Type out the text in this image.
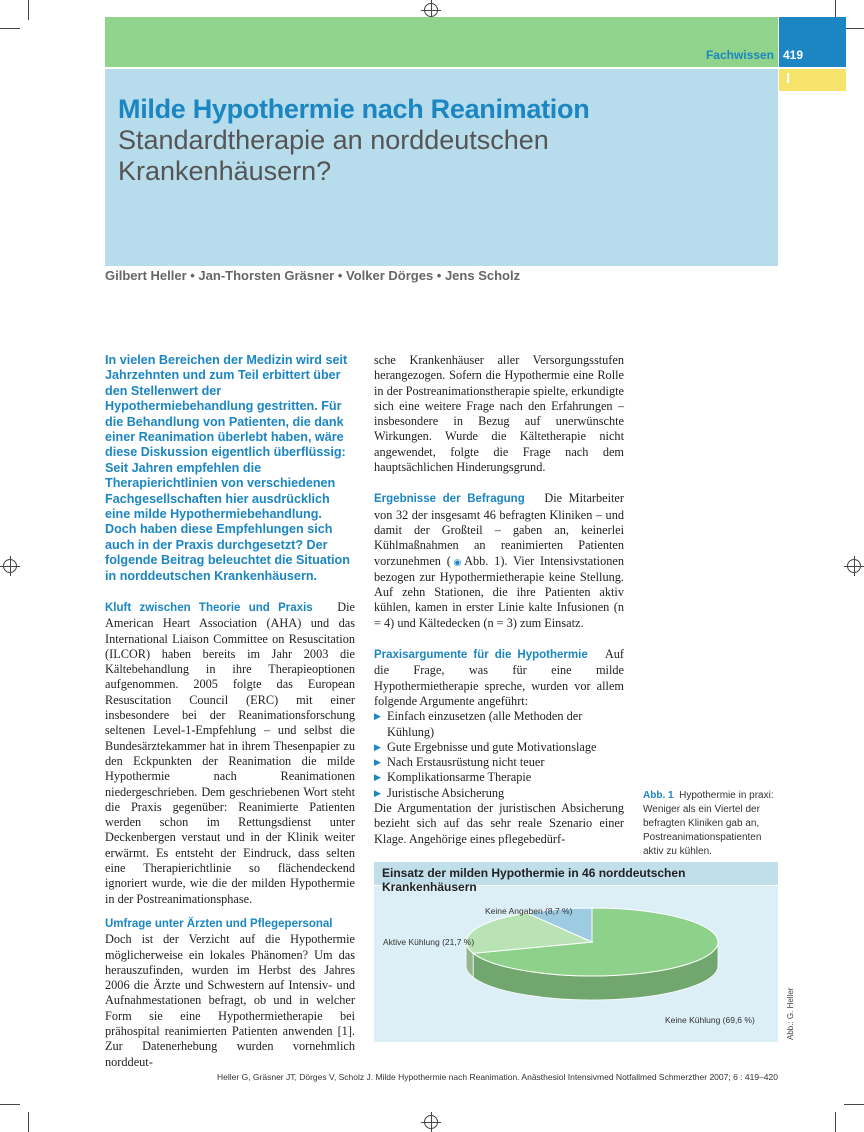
Fachwissen 419
I
Milde Hypothermie nach Reanimation
Standardtherapie an norddeutschen Krankenhäusern?
Gilbert Heller • Jan-Thorsten Gräsner • Volker Dörges • Jens Scholz
In vielen Bereichen der Medizin wird seit Jahrzehnten und zum Teil erbittert über den Stellenwert der Hypothermiebehandlung gestritten. Für die Behandlung von Patienten, die dank einer Reanimation überlebt haben, wäre diese Diskussion eigentlich überflüssig: Seit Jahren empfehlen die Therapierichtlinien von verschiedenen Fachgesellschaften hier ausdrücklich eine milde Hypothermiebehandlung. Doch haben diese Empfehlungen sich auch in der Praxis durchgesetzt? Der folgende Beitrag beleuchtet die Situation in norddeutschen Krankenhäusern.

Kluft zwischen Theorie und Praxis Die American Heart Association (AHA) und das International Liaison Committee on Resuscitation (ILCOR) haben bereits im Jahr 2003 die Kältebehandlung in ihre Therapieoptionen aufgenommen. 2005 folgte das European Resuscitation Council (ERC) mit einer insbesondere bei der Reanimationsforschung seltenen Level-1-Empfehlung – und selbst die Bundesärztekammer hat in ihrem Thesenpapier zu den Eckpunkten der Reanimation die milde Hypothermie nach Reanimationen niedergeschrieben. Dem geschriebenen Wort steht die Praxis gegenüber: Reanimierte Patienten werden schon im Rettungsdienst unter Deckenbergen verstaut und in der Klinik weiter erwärmt. Es entsteht der Eindruck, dass selten eine Therapierichtlinie so flächendeckend ignoriert wurde, wie die der milden Hypothermie in der Postreanimationsphase.

Umfrage unter Ärzten und Pflegepersonal
Doch ist der Verzicht auf die Hypothermie möglicherweise ein lokales Phänomen? Um das herauszufinden, wurden im Herbst des Jahres 2006 die Ärzte und Schwestern auf Intensiv- und Aufnahmestationen befragt, ob und in welcher Form sie eine Hypothermietherapie bei prähospital reanimierten Patienten anwenden [1]. Zur Datenerhebung wurden vornehmlich norddeut-

sche Krankenhäuser aller Versorgungsstufen herangezogen. Sofern die Hypothermie eine Rolle in der Postreanimationstherapie spielte, erkundigte sich eine weitere Frage nach den Erfahrungen – insbesondere in Bezug auf unerwünschte Wirkungen. Wurde die Kältetherapie nicht angewendet, folgte die Frage nach dem hauptsächlichen Hinderungsgrund.

Ergebnisse der Befragung Die Mitarbeiter von 32 der insgesamt 46 befragten Kliniken – und damit der Großteil – gaben an, keinerlei Kühlmaßnahmen an reanimierten Patienten vorzunehmen (◉Abb. 1). Vier Intensivstationen bezogen zur Hypothermietherapie keine Stellung. Auf zehn Stationen, die ihre Patienten aktiv kühlen, kamen in erster Linie kalte Infusionen (n = 4) und Kältedecken (n = 3) zum Einsatz.

Praxisargumente für die Hypothermie Auf die Frage, was für eine milde Hypothermietherapie spreche, wurden vor allem folgende Argumente angeführt:

▶ Einfach einzusetzen (alle Methoden der Kühlung)
▶ Gute Ergebnisse und gute Motivationslage
▶ Nach Erstausrüstung nicht teuer
▶ Komplikationsarme Therapie
▶ Juristische Absicherung

Die Argumentation der juristischen Absicherung bezieht sich auf das sehr reale Szenario einer Klage. Angehörige eines pflegebedürf-

Abb. 1 Hypothermie in praxi: Weniger als ein Viertel der befragten Kliniken gab an, Postreanimationspatienten aktiv zu kühlen.
Einsatz der milden Hypothermie in 46 norddeutschen Krankenhäusern
Keine Kühlung (69,6 %)
Aktive Kühlung (21,7 %)
Keine Angaben (8,7 %)
Abb.: G. Heller
Heller G, Gräsner JT, Dörges V, Scholz J. Milde Hypothermie nach Reanimation. Anästhesiol Intensivmed Notfallmed Schmerzther 2007; 6 : 419–420
